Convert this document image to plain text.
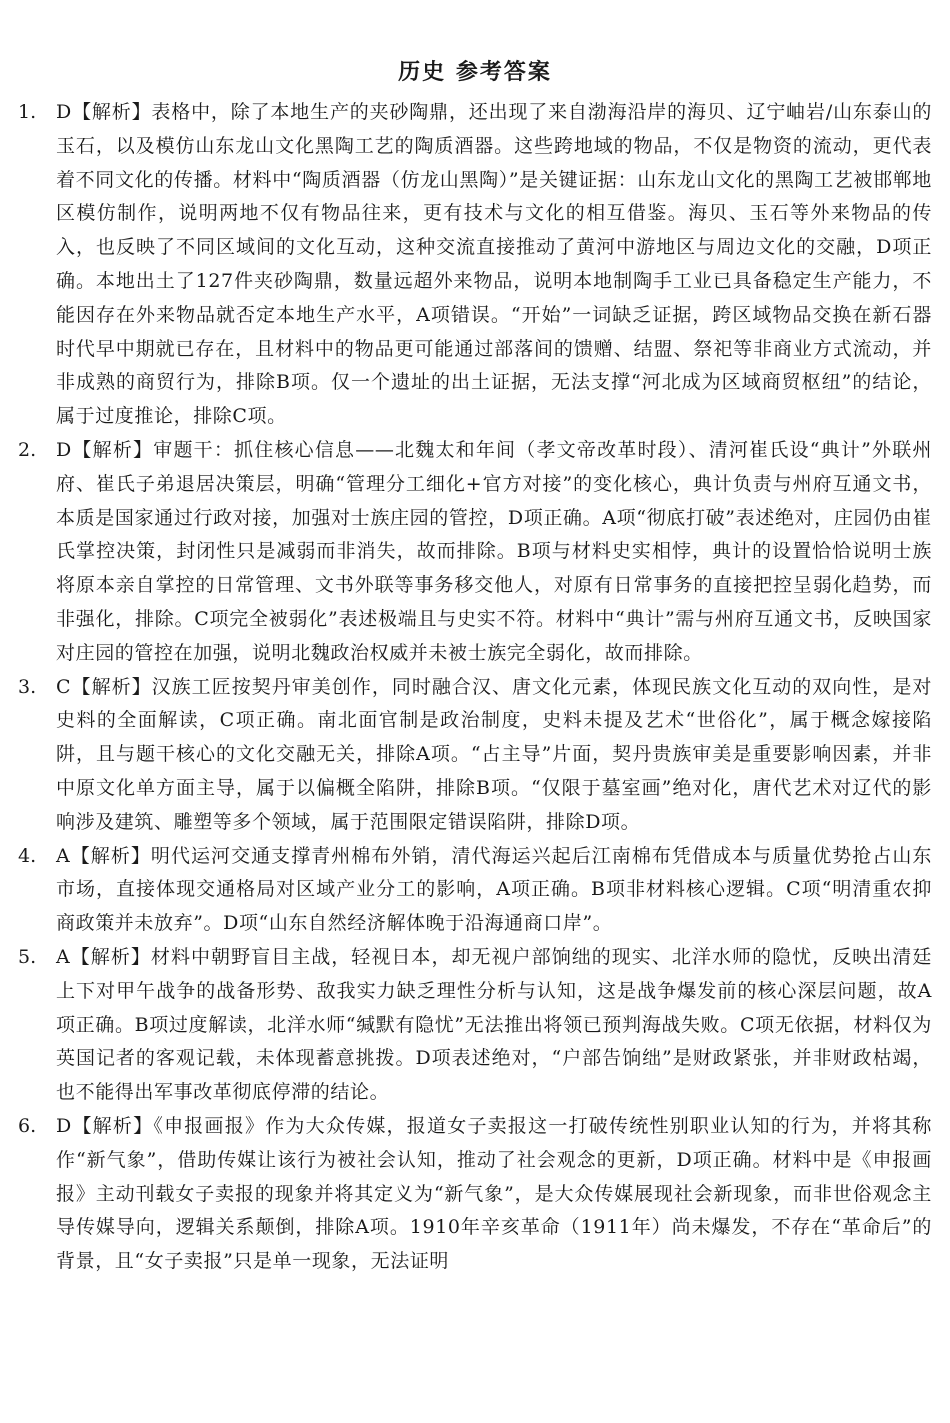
历史 参考答案
1.	D【解析】表格中，除了本地生产的夹砂陶鼎，还出现了来自渤海沿岸的海贝、辽宁岫岩/山东泰山的玉石，以及模仿山东龙山文化黑陶工艺的陶质酒器。这些跨地域的物品，不仅是物资的流动，更代表着不同文化的传播。材料中“陶质酒器（仿龙山黑陶）”是关键证据：山东龙山文化的黑陶工艺被邯郸地区模仿制作，说明两地不仅有物品往来，更有技术与文化的相互借鉴。海贝、玉石等外来物品的传入，也反映了不同区域间的文化互动，这种交流直接推动了黄河中游地区与周边文化的交融，D项正确。本地出土了127件夹砂陶鼎，数量远超外来物品，说明本地制陶手工业已具备稳定生产能力，不能因存在外来物品就否定本地生产水平，A项错误。“开始”一词缺乏证据，跨区域物品交换在新石器时代早中期就已存在，且材料中的物品更可能通过部落间的馈赠、结盟、祭祀等非商业方式流动，并非成熟的商贸行为，排除B项。仅一个遗址的出土证据，无法支撑“河北成为区域商贸枢纽”的结论，属于过度推论，排除C项。
2.	D【解析】审题干：抓住核心信息——北魏太和年间（孝文帝改革时段）、清河崔氏设“典计”外联州府、崔氏子弟退居决策层，明确“管理分工细化+官方对接”的变化核心，典计负责与州府互通文书，本质是国家通过行政对接，加强对士族庄园的管控，D项正确。A项“彻底打破”表述绝对，庄园仍由崔氏掌控决策，封闭性只是减弱而非消失，故而排除。B项与材料史实相悖，典计的设置恰恰说明士族将原本亲自掌控的日常管理、文书外联等事务移交他人，对原有日常事务的直接把控呈弱化趋势，而非强化，排除。C项完全被弱化”表述极端且与史实不符。材料中“典计”需与州府互通文书，反映国家对庄园的管控在加强，说明北魏政治权威并未被士族完全弱化，故而排除。
3.	C【解析】汉族工匠按契丹审美创作，同时融合汉、唐文化元素，体现民族文化互动的双向性，是对史料的全面解读，C项正确。南北面官制是政治制度，史料未提及艺术“世俗化”，属于概念嫁接陷阱，且与题干核心的文化交融无关，排除A项。“占主导”片面，契丹贵族审美是重要影响因素，并非中原文化单方面主导，属于以偏概全陷阱，排除B项。“仅限于墓室画”绝对化，唐代艺术对辽代的影响涉及建筑、雕塑等多个领域，属于范围限定错误陷阱，排除D项。
4.	A【解析】明代运河交通支撑青州棉布外销，清代海运兴起后江南棉布凭借成本与质量优势抢占山东市场，直接体现交通格局对区域产业分工的影响，A项正确。B项非材料核心逻辑。C项“明清重农抑商政策并未放弃”。D项“山东自然经济解体晚于沿海通商口岸”。
5.	A【解析】材料中朝野盲目主战，轻视日本，却无视户部饷绌的现实、北洋水师的隐忧，反映出清廷上下对甲午战争的战备形势、敌我实力缺乏理性分析与认知，这是战争爆发前的核心深层问题，故A项正确。B项过度解读，北洋水师“缄默有隐忧”无法推出将领已预判海战失败。C项无依据，材料仅为英国记者的客观记载，未体现蓄意挑拨。D项表述绝对，“户部告饷绌”是财政紧张，并非财政枯竭，也不能得出军事改革彻底停滞的结论。
6.	D【解析】《申报画报》作为大众传媒，报道女子卖报这一打破传统性别职业认知的行为，并将其称作“新气象”，借助传媒让该行为被社会认知，推动了社会观念的更新，D项正确。材料中是《申报画报》主动刊载女子卖报的现象并将其定义为“新气象”，是大众传媒展现社会新现象，而非世俗观念主导传媒导向，逻辑关系颠倒，排除A项。1910年辛亥革命（1911年）尚未爆发，不存在“革命后”的背景，且“女子卖报”只是单一现象，无法证明
